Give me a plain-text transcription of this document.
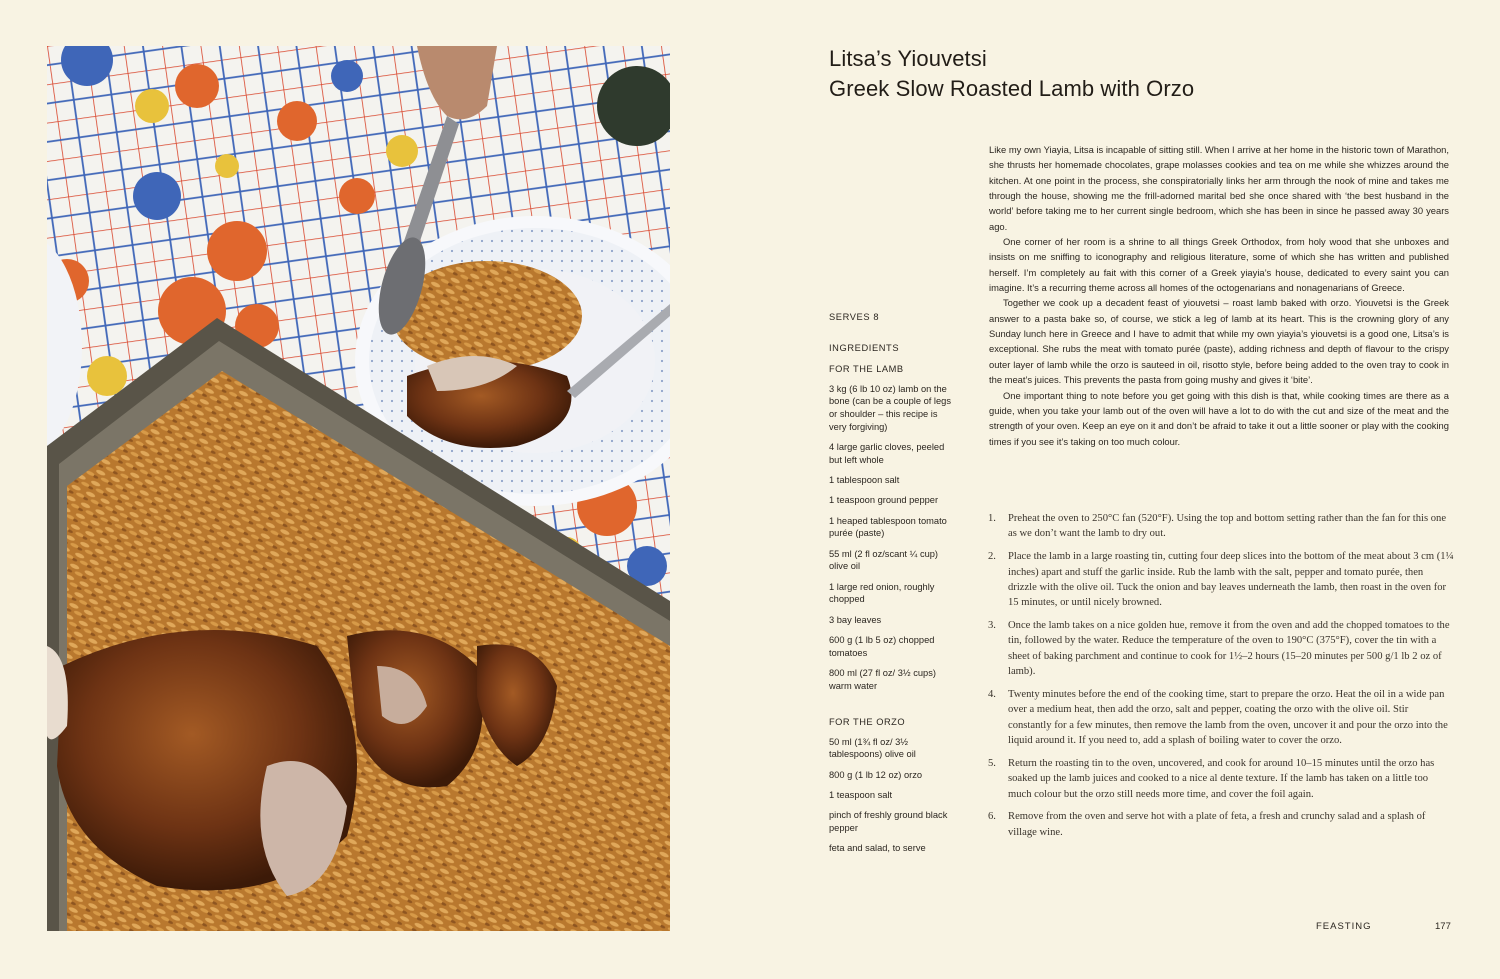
Litsa’s Yiouvetsi
Greek Slow Roasted Lamb with Orzo
SERVES 8
INGREDIENTS
FOR THE LAMB
3 kg (6 lb 10 oz) lamb on the bone (can be a couple of legs or shoulder – this recipe is very forgiving)
4 large garlic cloves, peeled but left whole
1 tablespoon salt
1 teaspoon ground pepper
1 heaped tablespoon tomato purée (paste)
55 ml (2 fl oz/scant ¼ cup) olive oil
1 large red onion, roughly chopped
3 bay leaves
600 g (1 lb 5 oz) chopped tomatoes
800 ml (27 fl oz/ 3½ cups) warm water
FOR THE ORZO
50 ml (1¾ fl oz/ 3½ tablespoons) olive oil
800 g (1 lb 12 oz) orzo
1 teaspoon salt
pinch of freshly ground black pepper
feta and salad, to serve

Like my own Yiayia, Litsa is incapable of sitting still. When I arrive at her home in the historic town of Marathon, she thrusts her homemade chocolates, grape molasses cookies and tea on me while she whizzes around the kitchen. At one point in the process, she conspiratorially links her arm through the nook of mine and takes me through the house, showing me the frill-adorned marital bed she once shared with ‘the best husband in the world’ before taking me to her current single bedroom, which she has been in since he passed away 30 years ago.

One corner of her room is a shrine to all things Greek Orthodox, from holy wood that she unboxes and insists on me sniffing to iconography and religious literature, some of which she has written and published herself. I’m completely au fait with this corner of a Greek yiayia’s house, dedicated to every saint you can imagine. It’s a recurring theme across all homes of the octogenarians and nonagenarians of Greece.

Together we cook up a decadent feast of yiouvetsi – roast lamb baked with orzo. Yiouvetsi is the Greek answer to a pasta bake so, of course, we stick a leg of lamb at its heart. This is the crowning glory of any Sunday lunch here in Greece and I have to admit that while my own yiayia’s yiouvetsi is a good one, Litsa’s is exceptional. She rubs the meat with tomato purée (paste), adding richness and depth of flavour to the crispy outer layer of lamb while the orzo is sauteed in oil, risotto style, before being added to the oven tray to cook in the meat’s juices. This prevents the pasta from going mushy and gives it ‘bite’.

One important thing to note before you get going with this dish is that, while cooking times are there as a guide, when you take your lamb out of the oven will have a lot to do with the cut and size of the meat and the strength of your oven. Keep an eye on it and don’t be afraid to take it out a little sooner or play with the cooking times if you see it’s taking on too much colour.

1. Preheat the oven to 250°C fan (520°F). Using the top and bottom setting rather than the fan for this one as we don’t want the lamb to dry out.
2. Place the lamb in a large roasting tin, cutting four deep slices into the bottom of the meat about 3 cm (1¼ inches) apart and stuff the garlic inside. Rub the lamb with the salt, pepper and tomato purée, then drizzle with the olive oil. Tuck the onion and bay leaves underneath the lamb, then roast in the oven for 15 minutes, or until nicely browned.
3. Once the lamb takes on a nice golden hue, remove it from the oven and add the chopped tomatoes to the tin, followed by the water. Reduce the temperature of the oven to 190°C (375°F), cover the tin with a sheet of baking parchment and continue to cook for 1½–2 hours (15–20 minutes per 500 g/1 lb 2 oz of lamb).
4. Twenty minutes before the end of the cooking time, start to prepare the orzo. Heat the oil in a wide pan over a medium heat, then add the orzo, salt and pepper, coating the orzo with the olive oil. Stir constantly for a few minutes, then remove the lamb from the oven, uncover it and pour the orzo into the liquid around it. If you need to, add a splash of boiling water to cover the orzo.
5. Return the roasting tin to the oven, uncovered, and cook for around 10–15 minutes until the orzo has soaked up the lamb juices and cooked to a nice al dente texture. If the lamb has taken on a little too much colour but the orzo still needs more time, and cover the foil again.
6. Remove from the oven and serve hot with a plate of feta, a fresh and crunchy salad and a splash of village wine.
FEASTING	177
